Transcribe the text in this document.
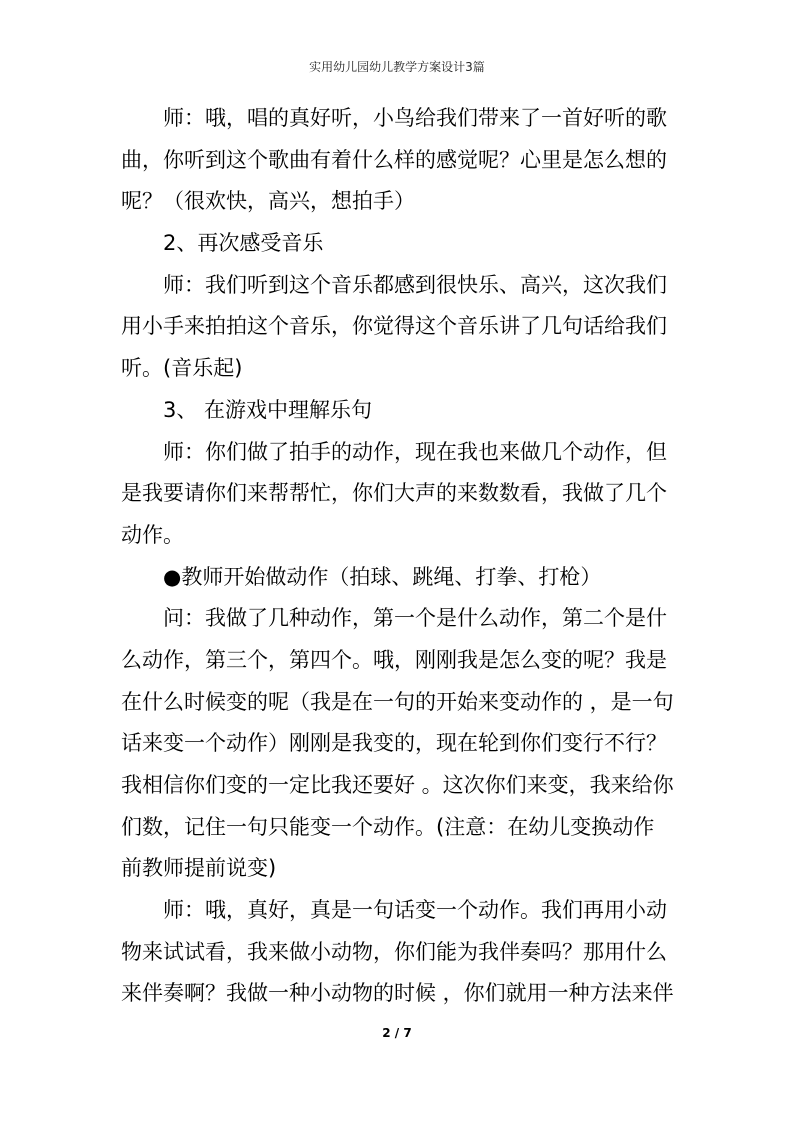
实用幼儿园幼儿教学方案设计3篇
师：哦，唱的真好听，小鸟给我们带来了一首好听的歌
曲，你听到这个歌曲有着什么样的感觉呢？心里是怎么想的
呢？（很欢快，高兴，想拍手）
2、再次感受音乐
师：我们听到这个音乐都感到很快乐、高兴，这次我们
用小手来拍拍这个音乐，你觉得这个音乐讲了几句话给我们
听。(音乐起)
3、 在游戏中理解乐句
师：你们做了拍手的动作，现在我也来做几个动作，但
是我要请你们来帮帮忙，你们大声的来数数看，我做了几个
动作。
●教师开始做动作（拍球、跳绳、打拳、打枪）
问：我做了几种动作，第一个是什么动作，第二个是什
么动作，第三个，第四个。哦，刚刚我是怎么变的呢？我是
在什么时候变的呢（我是在一句的开始来变动作的 ，是一句
话来变一个动作）刚刚是我变的，现在轮到你们变行不行？
我相信你们变的一定比我还要好 。这次你们来变，我来给你
们数，记住一句只能变一个动作。(注意：在幼儿变换动作
前教师提前说变)
师：哦，真好，真是一句话变一个动作。我们再用小动
物来试试看，我来做小动物，你们能为我伴奏吗？那用什么
来伴奏啊？我做一种小动物的时候 ，你们就用一种方法来伴
2 / 7
